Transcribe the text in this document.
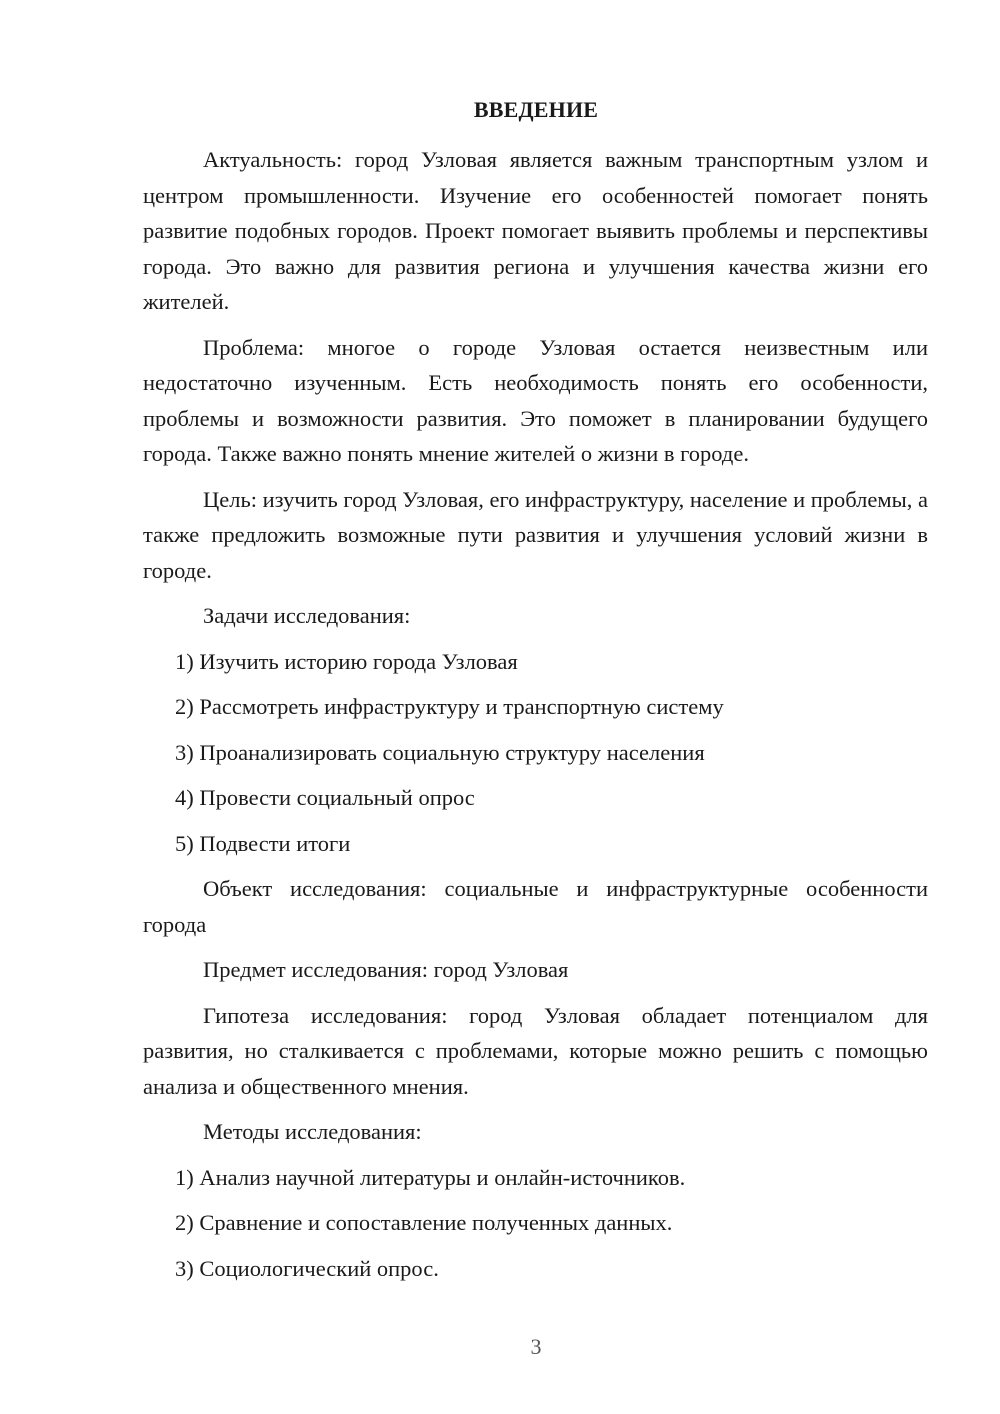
ВВЕДЕНИЕ

Актуальность: город Узловая является важным транспортным узлом и центром промышленности. Изучение его особенностей помогает понять развитие подобных городов. Проект помогает выявить проблемы и перспективы города. Это важно для развития региона и улучшения качества жизни его жителей.

Проблема: многое о городе Узловая остается неизвестным или недостаточно изученным. Есть необходимость понять его особенности, проблемы и возможности развития. Это поможет в планировании будущего города. Также важно понять мнение жителей о жизни в городе.

Цель: изучить город Узловая, его инфраструктуру, население и проблемы, а также предложить возможные пути развития и улучшения условий жизни в городе.

Задачи исследования:

1) Изучить историю города Узловая
2) Рассмотреть инфраструктуру и транспортную систему
3) Проанализировать социальную структуру населения
4) Провести социальный опрос
5) Подвести итоги

Объект исследования: социальные и инфраструктурные особенности города

Предмет исследования: город Узловая

Гипотеза исследования: город Узловая обладает потенциалом для развития, но сталкивается с проблемами, которые можно решить с помощью анализа и общественного мнения.

Методы исследования:

1) Анализ научной литературы и онлайн-источников.
2) Сравнение и сопоставление полученных данных.
3) Социологический опрос.
3
